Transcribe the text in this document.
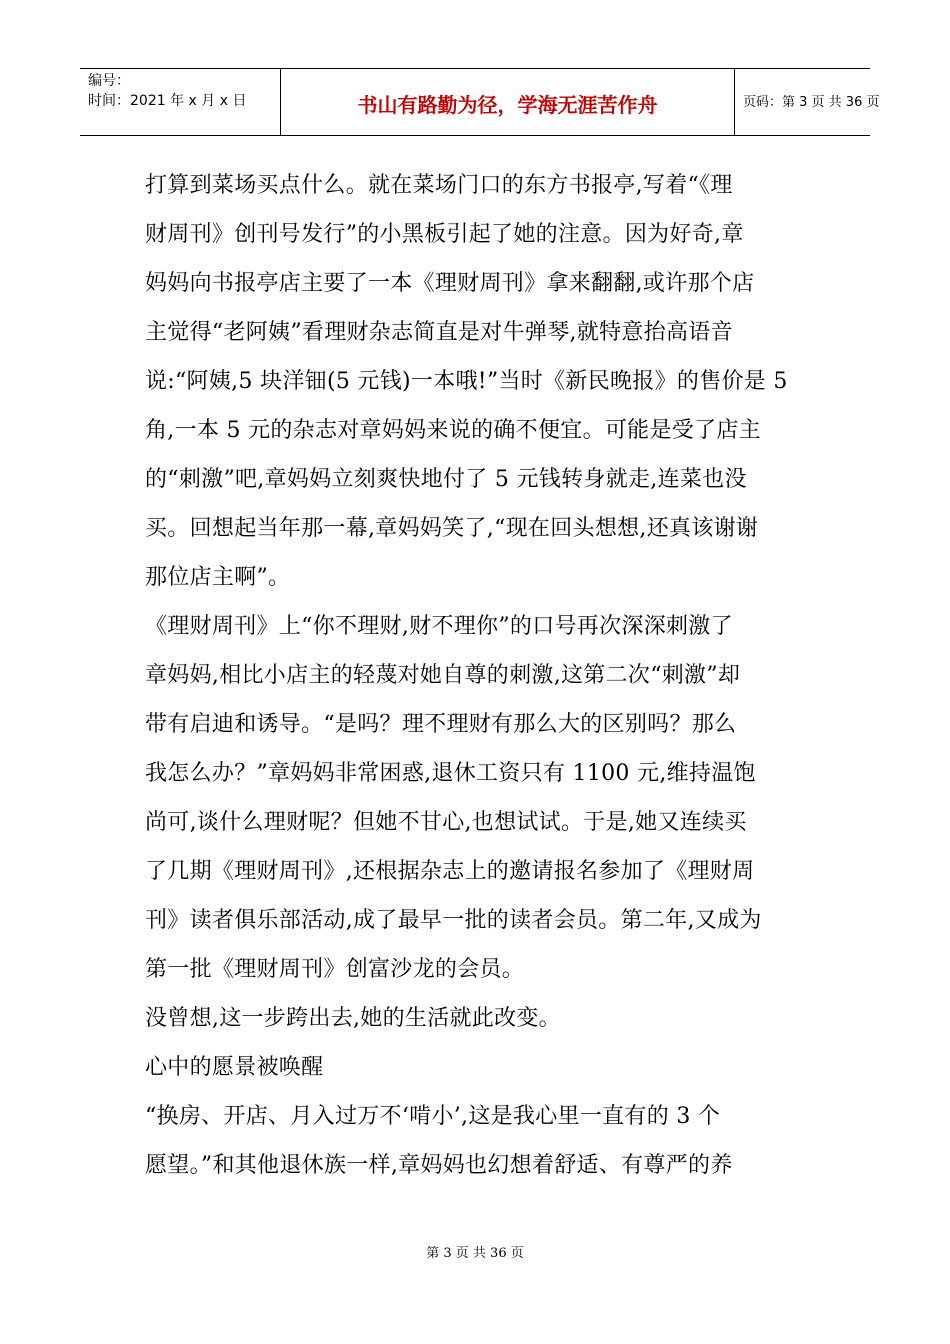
编号：
时间：2021 年 x 月 x 日	书山有路勤为径，学海无涯苦作舟	页码：第 3 页 共 36 页
打算到菜场买点什么。就在菜场门口的东方书报亭,写着“《理
财周刊》创刊号发行”的小黑板引起了她的注意。因为好奇,章
妈妈向书报亭店主要了一本《理财周刊》拿来翻翻,或许那个店
主觉得“老阿姨”看理财杂志简直是对牛弹琴,就特意抬高语音
说:“阿姨,5 块洋钿(5 元钱)一本哦!”当时《新民晚报》的售价是 5
角,一本 5 元的杂志对章妈妈来说的确不便宜。可能是受了店主
的“刺激”吧,章妈妈立刻爽快地付了 5 元钱转身就走,连菜也没
买。回想起当年那一幕,章妈妈笑了,“现在回头想想,还真该谢谢
那位店主啊”。
《理财周刊》上“你不理财,财不理你”的口号再次深深刺激了
章妈妈,相比小店主的轻蔑对她自尊的刺激,这第二次“刺激”却
带有启迪和诱导。“是吗？理不理财有那么大的区别吗？那么
我怎么办？”章妈妈非常困惑,退休工资只有 1100 元,维持温饱
尚可,谈什么理财呢？但她不甘心,也想试试。于是,她又连续买
了几期《理财周刊》,还根据杂志上的邀请报名参加了《理财周
刊》读者俱乐部活动,成了最早一批的读者会员。第二年,又成为
第一批《理财周刊》创富沙龙的会员。
没曾想,这一步跨出去,她的生活就此改变。
心中的愿景被唤醒
“换房、开店、月入过万不‘啃小’,这是我心里一直有的 3 个
愿望。”和其他退休族一样,章妈妈也幻想着舒适、有尊严的养
第 3 页 共 36 页
